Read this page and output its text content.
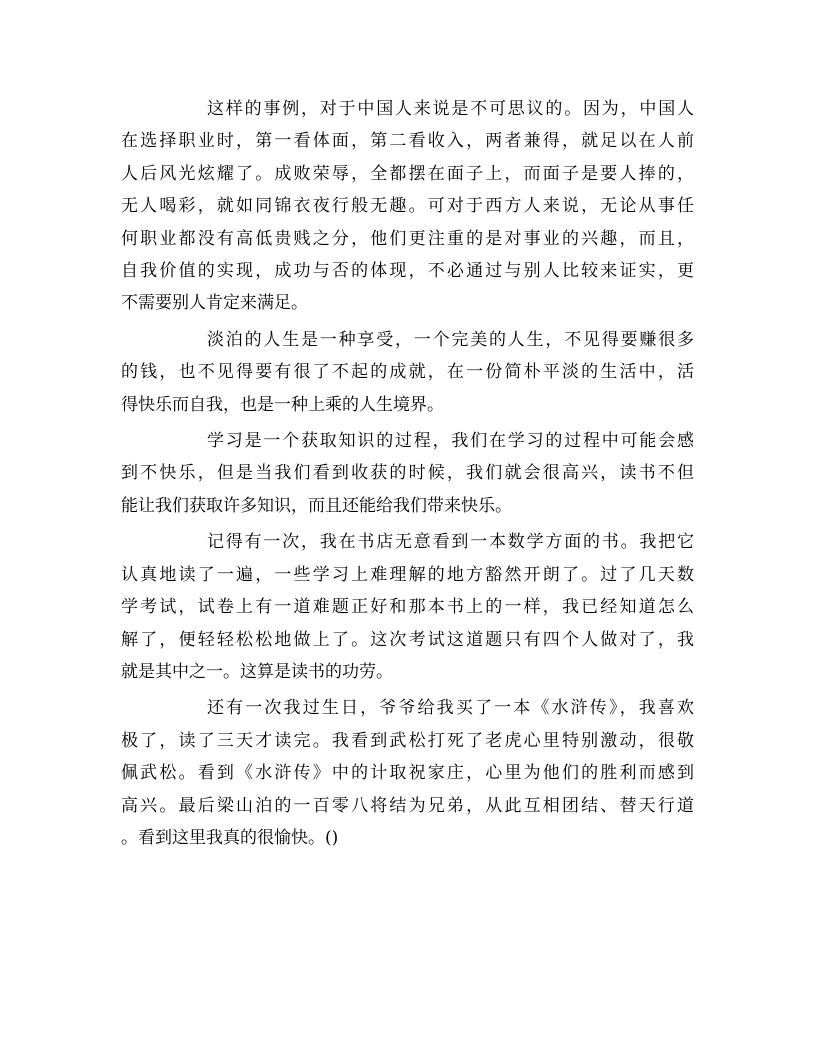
这样的事例，对于中国人来说是不可思议的。因为，中国人
在选择职业时，第一看体面，第二看收入，两者兼得，就足以在人前
人后风光炫耀了。成败荣辱，全都摆在面子上，而面子是要人捧的，
无人喝彩，就如同锦衣夜行般无趣。可对于西方人来说，无论从事任
何职业都没有高低贵贱之分，他们更注重的是对事业的兴趣，而且，
自我价值的实现，成功与否的体现，不必通过与别人比较来证实，更
不需要别人肯定来满足。

淡泊的人生是一种享受，一个完美的人生，不见得要赚很多
的钱，也不见得要有很了不起的成就，在一份简朴平淡的生活中，活
得快乐而自我，也是一种上乘的人生境界。

学习是一个获取知识的过程，我们在学习的过程中可能会感
到不快乐，但是当我们看到收获的时候，我们就会很高兴，读书不但
能让我们获取许多知识，而且还能给我们带来快乐。

记得有一次，我在书店无意看到一本数学方面的书。我把它
认真地读了一遍，一些学习上难理解的地方豁然开朗了。过了几天数
学考试，试卷上有一道难题正好和那本书上的一样，我已经知道怎么
解了，便轻轻松松地做上了。这次考试这道题只有四个人做对了，我
就是其中之一。这算是读书的功劳。

还有一次我过生日，爷爷给我买了一本《水浒传》，我喜欢
极了，读了三天才读完。我看到武松打死了老虎心里特别激动，很敬
佩武松。看到《水浒传》中的计取祝家庄，心里为他们的胜利而感到
高兴。最后梁山泊的一百零八将结为兄弟，从此互相团结、替天行道
。看到这里我真的很愉快。()
